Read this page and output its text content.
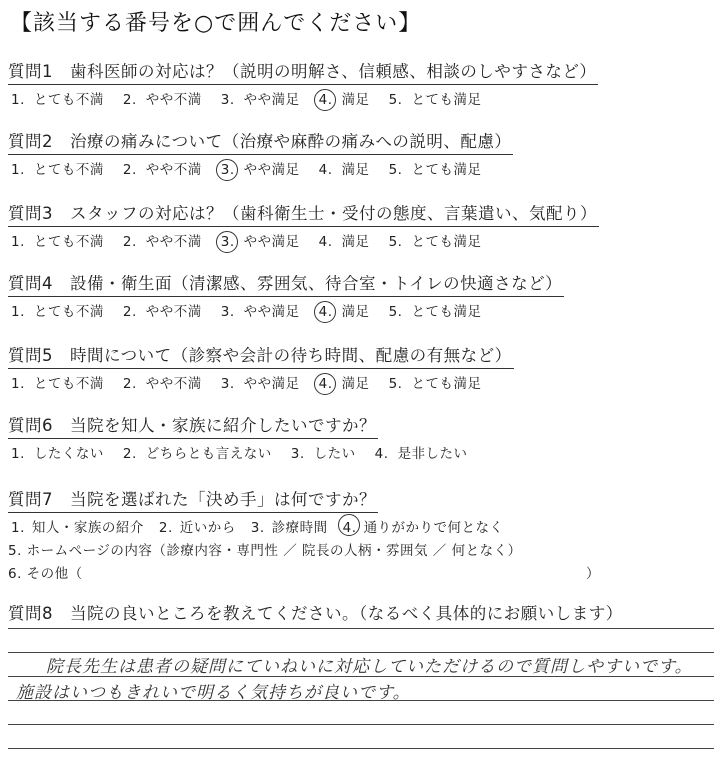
【該当する番号を○で囲んでください】
質問1　歯科医師の対応は？（説明の明解さ、信頼感、相談のしやすさなど）
1. とても不満 2. やや不満 3. やや満足 4. 満足 5. とても満足
質問2　治療の痛みについて（治療や麻酔の痛みへの説明、配慮）
1. とても不満 2. やや不満 3. やや満足 4. 満足 5. とても満足
質問3　スタッフの対応は？（歯科衛生士・受付の態度、言葉遣い、気配り）
1. とても不満 2. やや不満 3. やや満足 4. 満足 5. とても満足
質問4　設備・衛生面（清潔感、雰囲気、待合室・トイレの快適さなど）
1. とても不満 2. やや不満 3. やや満足 4. 満足 5. とても満足
質問5　時間について（診察や会計の待ち時間、配慮の有無など）
1. とても不満 2. やや不満 3. やや満足 4. 満足 5. とても満足
質問6　当院を知人・家族に紹介したいですか？
1. したくない 2. どちらとも言えない 3. したい 4. 是非したい
質問7　当院を選ばれた「決め手」は何ですか？
1. 知人・家族の紹介 2. 近いから 3. 診療時間 4. 通りがかりで何となく
5. ホームページの内容（診療内容・専門性 ／ 院長の人柄・雰囲気 ／ 何となく）
6. その他（	）
質問8　当院の良いところを教えてください。（なるべく具体的にお願いします）
院長先生は患者の疑問にていねいに対応していただけるので質問しやすいです。
施設はいつもきれいで明るく気持ちが良いです。
